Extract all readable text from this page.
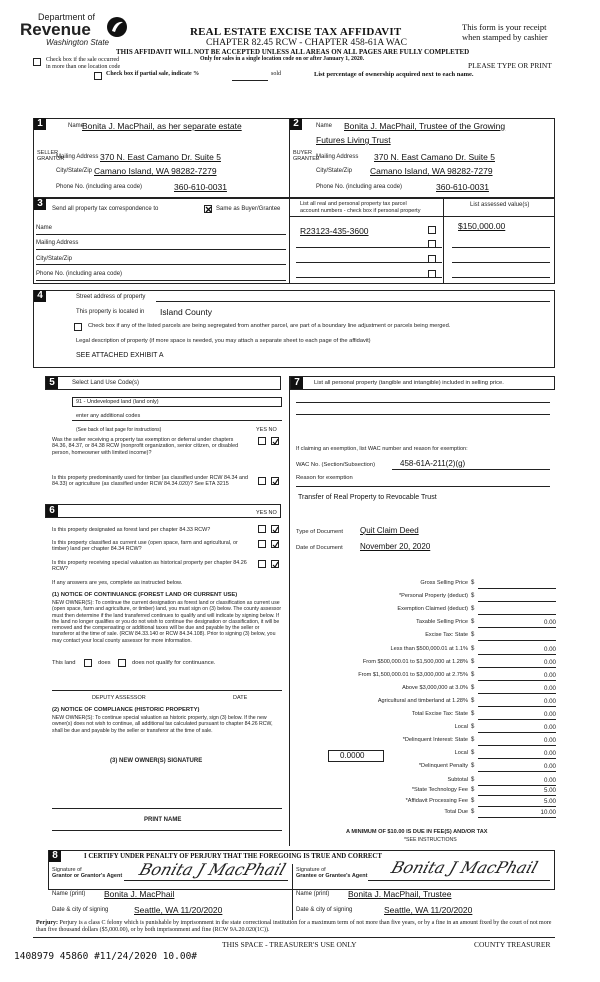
Department of
Revenue
Washington State
REAL ESTATE EXCISE TAX AFFIDAVIT
CHAPTER 82.45 RCW - CHAPTER 458-61A WAC
This form is your receipt
when stamped by cashier
THIS AFFIDAVIT WILL NOT BE ACCEPTED UNLESS ALL AREAS ON ALL PAGES ARE FULLY COMPLETED
Only for sales in a single location code on or after January 1, 2020.
PLEASE TYPE OR PRINT
Check box if the sale occurred
in more than one location code
Check box if partial sale, indicate %	sold	List percentage of ownership acquired next to each name.
1	2
SELLER GRANTOR
BUYER GRANTEE
Name
Bonita J. MacPhail, as her separate estate
Mailing Address 370 N. East Camano Dr. Suite 5
City/State/Zip Camano Island, WA 98282-7279
Phone No. (including area code)	360-610-0031
Name Bonita J. MacPhail, Trustee of the Growing
Futures Living Trust
Mailing Address 370 N. East Camano Dr. Suite 5
City/State/Zip Camano Island, WA 98282-7279
Phone No. (including area code)	360-610-0031
3	Send all property tax correspondence to	Same as Buyer/Grantee
List all real and personal property tax parcel
account numbers - check box if personal property
List assessed value(s)
Name
Mailing Address
City/State/Zip
Phone No. (including area code)
R23123-435-3600	$150,000.00
4	Street address of property
This property is located in Island County
Check box if any of the listed parcels are being segregated from another parcel, are part of a boundary line adjustment or parcels being merged.
Legal description of property (if more space is needed, you may attach a separate sheet to each page of the affidavit)
SEE ATTACHED EXHIBIT A
5	Select Land Use Code(s)
91 - Undeveloped land (land only)
enter any additional codes
(See back of last page for instructions)	YES NO
Was the seller receiving a property tax exemption or deferral under chapters 84.36, 84.37, or 84.38 RCW (nonprofit organization, senior citizen, or disabled person, homeowner with limited income)?
Is this property predominantly used for timber (as classified under RCW 84.34 and 84.33) or agriculture (as classified under RCW 84.34.020)? See ETA 3215
6	YES NO
Is this property designated as forest land per chapter 84.33 RCW?
Is this property classified as current use (open space, farm and agricultural, or timber) land per chapter 84.34 RCW?
Is this property receiving special valuation as historical property per chapter 84.26 RCW?
If any answers are yes, complete as instructed below.
(1) NOTICE OF CONTINUANCE (FOREST LAND OR CURRENT USE)
NEW OWNER(S): To continue the current designation as forest land or classification as current use (open space, farm and agriculture, or timber) land, you must sign on (3) below. The county assessor must then determine if the land transferred continues to qualify and will indicate by signing below. If the land no longer qualifies or you do not wish to continue the designation or classification, it will be removed and the compensating or additional taxes will be due and payable by the seller or transferor at the time of sale. (RCW 84.33.140 or RCW 84.34.108). Prior to signing (3) below, you may contact your local county assessor for more information.
This land	does	does not qualify for continuance.
DEPUTY ASSESSOR	DATE
(2) NOTICE OF COMPLIANCE (HISTORIC PROPERTY)
NEW OWNER(S): To continue special valuation as historic property, sign (3) below. If the new owner(s) does not wish to continue, all additional tax calculated pursuant to chapter 84.26 RCW, shall be due and payable by the seller or transferor at the time of sale.
(3) NEW OWNER(S) SIGNATURE
PRINT NAME
7	List all personal property (tangible and intangible) included in selling price.
If claiming an exemption, list WAC number and reason for exemption:
WAC No. (Section/Subsection)	458-61A-211(2)(g)
Reason for exemption
Transfer of Real Property to Revocable Trust
Type of Document Quit Claim Deed
Date of Document November 20, 2020
Gross Selling Price $
*Personal Property (deduct) $
Exemption Claimed (deduct) $
Taxable Selling Price $	0.00
Excise Tax: State $
Less than $500,000.01 at 1.1% $	0.00
From $500,000.01 to $1,500,000 at 1.28% $	0.00
From $1,500,000.01 to $3,000,000 at 2.75% $	0.00
Above $3,000,000 at 3.0% $	0.00
Agricultural and timberland at 1.28% $	0.00
Total Excise Tax: State $	0.00
Local $	0.00
*Delinquent Interest: State $	0.00
Local $	0.00
*Delinquent Penalty $	0.00
Subtotal $	0.00
*State Technology Fee $	5.00
*Affidavit Processing Fee $	5.00
Total Due $	10.00
0.0000
A MINIMUM OF $10.00 IS DUE IN FEE(S) AND/OR TAX
*SEE INSTRUCTIONS
8	I CERTIFY UNDER PENALTY OF PERJURY THAT THE FOREGOING IS TRUE AND CORRECT
Signature of
Grantor or Grantor's Agent Bonita J MacPhail Signature of
Grantee or Grantee's Agent Bonita J MacPhail
Name (print) Bonita J. MacPhail
Date & city of signing	Seattle, WA 11/20/2020
Name (print) Bonita J. MacPhail, Trustee
Date & city of signing	Seattle, WA 11/20/2020
Perjury: Perjury is a class C felony which is punishable by imprisonment in the state correctional institution for a maximum term of not more than five years, or by a fine in an amount fixed by the court of not more than five thousand dollars ($5,000.00), or by both imprisonment and fine (RCW 9A.20.020(1C)).
THIS SPACE - TREASURER'S USE ONLY	COUNTY TREASURER
1408979 45860 #11/24/2020 10.00#
